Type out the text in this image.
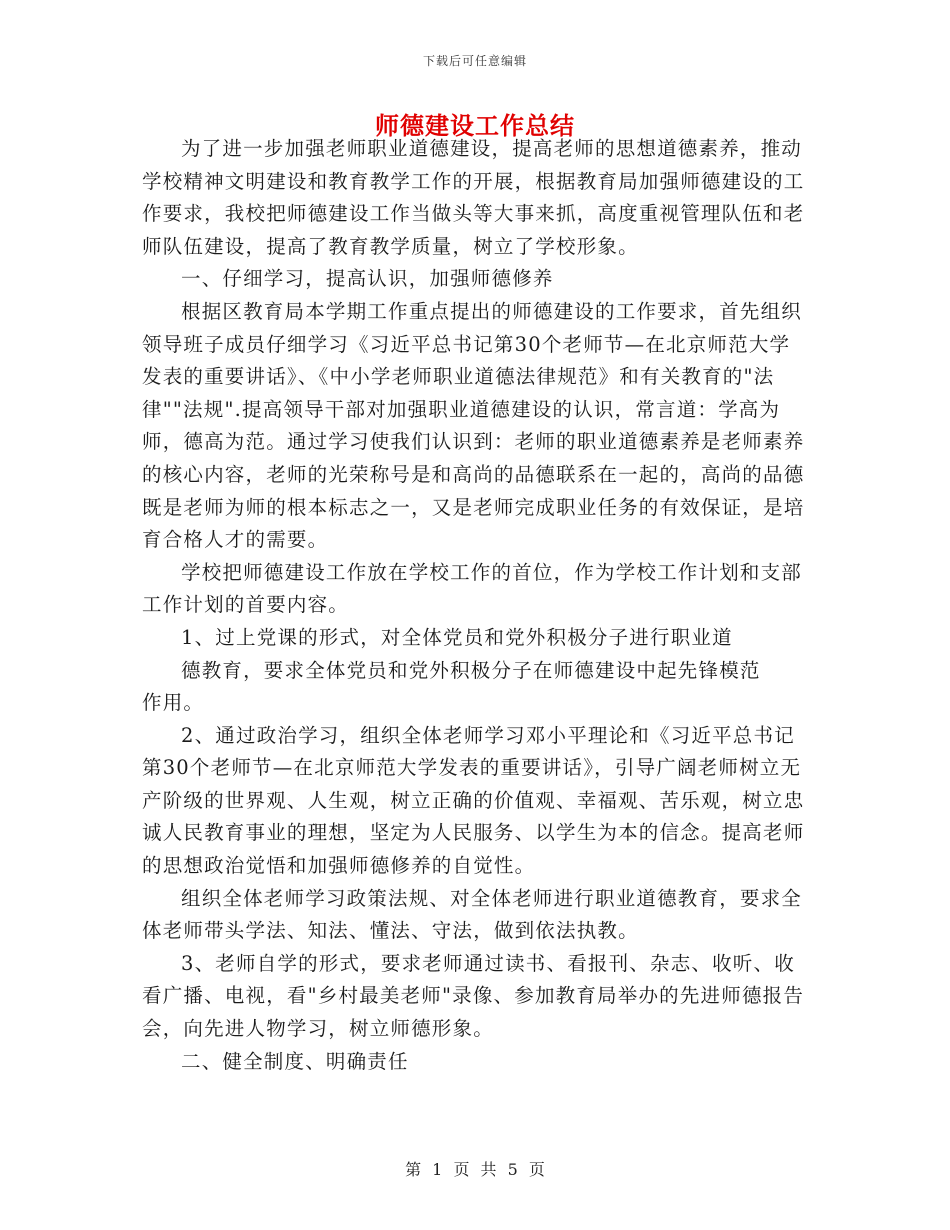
下载后可任意编辑
师德建设工作总结

为了进一步加强老师职业道德建设，提高老师的思想道德素养，推动学校精神文明建设和教育教学工作的开展，根据教育局加强师德建设的工作要求，我校把师德建设工作当做头等大事来抓，高度重视管理队伍和老师队伍建设，提高了教育教学质量，树立了学校形象。

一、仔细学习，提高认识，加强师德修养

根据区教育局本学期工作重点提出的师德建设的工作要求，首先组织领导班子成员仔细学习《习近平总书记第30个老师节—在北京师范大学发表的重要讲话》、《中小学老师职业道德法律规范》和有关教育的"法律""法规".提高领导干部对加强职业道德建设的认识，常言道：学高为师，德高为范。通过学习使我们认识到：老师的职业道德素养是老师素养的核心内容，老师的光荣称号是和高尚的品德联系在一起的，高尚的品德既是老师为师的根本标志之一，又是老师完成职业任务的有效保证，是培育合格人才的需要。

学校把师德建设工作放在学校工作的首位，作为学校工作计划和支部工作计划的首要内容。

1、过上党课的形式，对全体党员和党外积极分子进行职业道

德教育，要求全体党员和党外积极分子在师德建设中起先锋模范

作用。

2、通过政治学习，组织全体老师学习邓小平理论和《习近平总书记第30个老师节—在北京师范大学发表的重要讲话》，引导广阔老师树立无产阶级的世界观、人生观，树立正确的价值观、幸福观、苦乐观，树立忠诚人民教育事业的理想，坚定为人民服务、以学生为本的信念。提高老师的思想政治觉悟和加强师德修养的自觉性。

组织全体老师学习政策法规、对全体老师进行职业道德教育，要求全体老师带头学法、知法、懂法、守法，做到依法执教。

3、老师自学的形式，要求老师通过读书、看报刊、杂志、收听、收看广播、电视，看"乡村最美老师"录像、参加教育局举办的先进师德报告会，向先进人物学习，树立师德形象。

二、健全制度、明确责任

第 1 页 共 5 页
